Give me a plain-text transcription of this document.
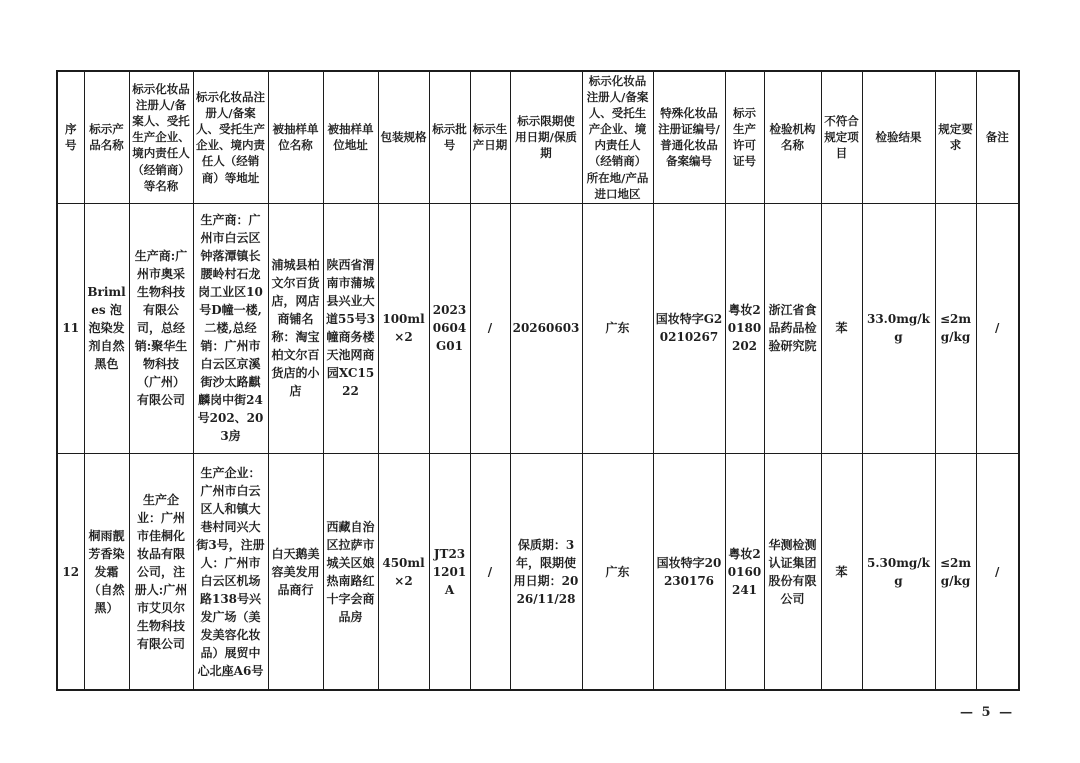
序号	标示产品名称	标示化妆品注册人/备案人、受托生产企业、境内责任人（经销商）等名称	标示化妆品注册人/备案人、受托生产企业、境内责任人（经销商）等地址	被抽样单位名称	被抽样单位地址	包装规格	标示批号	标示生产日期	标示限期使用日期/保质期	标示化妆品注册人/备案人、受托生产企业、境内责任人（经销商）所在地/产品进口地区	特殊化妆品注册证编号/普通化妆品备案编号	标示生产许可证号	检验机构名称	不符合规定项目	检验结果	规定要求	备注
11	Brimles 泡泡染发剂自然黑色	生产商:广州市奥采生物科技有限公司，总经销:聚华生物科技（广州）有限公司	生产商：广州市白云区钟落潭镇长腰岭村石龙岗工业区10号D幢一楼,二楼,总经销：广州市白云区京溪街沙太路麒麟岗中街24号202、203房	浦城县柏文尔百货店，网店商铺名称：淘宝柏文尔百货店的小店	陕西省渭南市蒲城县兴业大道55号3幢商务楼天池网商园XC1522	100ml×2	20230604G01	/	20260603	广东	国妆特字G20210267	粤妆20180202	浙江省食品药品检验研究院	苯	33.0mg/kg	≤2mg/kg	/
12	桐雨靓芳香染发霜（自然黑）	生产企业：广州市佳桐化妆品有限公司，注册人:广州市艾贝尔生物科技有限公司	生产企业：广州市白云区人和镇大巷村同兴大街3号，注册人：广州市白云区机场路138号兴发广场（美发美容化妆品）展贸中心北座A6号	白天鹅美容美发用品商行	西藏自治区拉萨市城关区娘热南路红十字会商品房	450ml×2	JT231201A	/	保质期：3年，限期使用日期：2026/11/28	广东	国妆特字20230176	粤妆20160241	华测检测认证集团股份有限公司	苯	5.30mg/kg	≤2mg/kg	/
— 5 —
